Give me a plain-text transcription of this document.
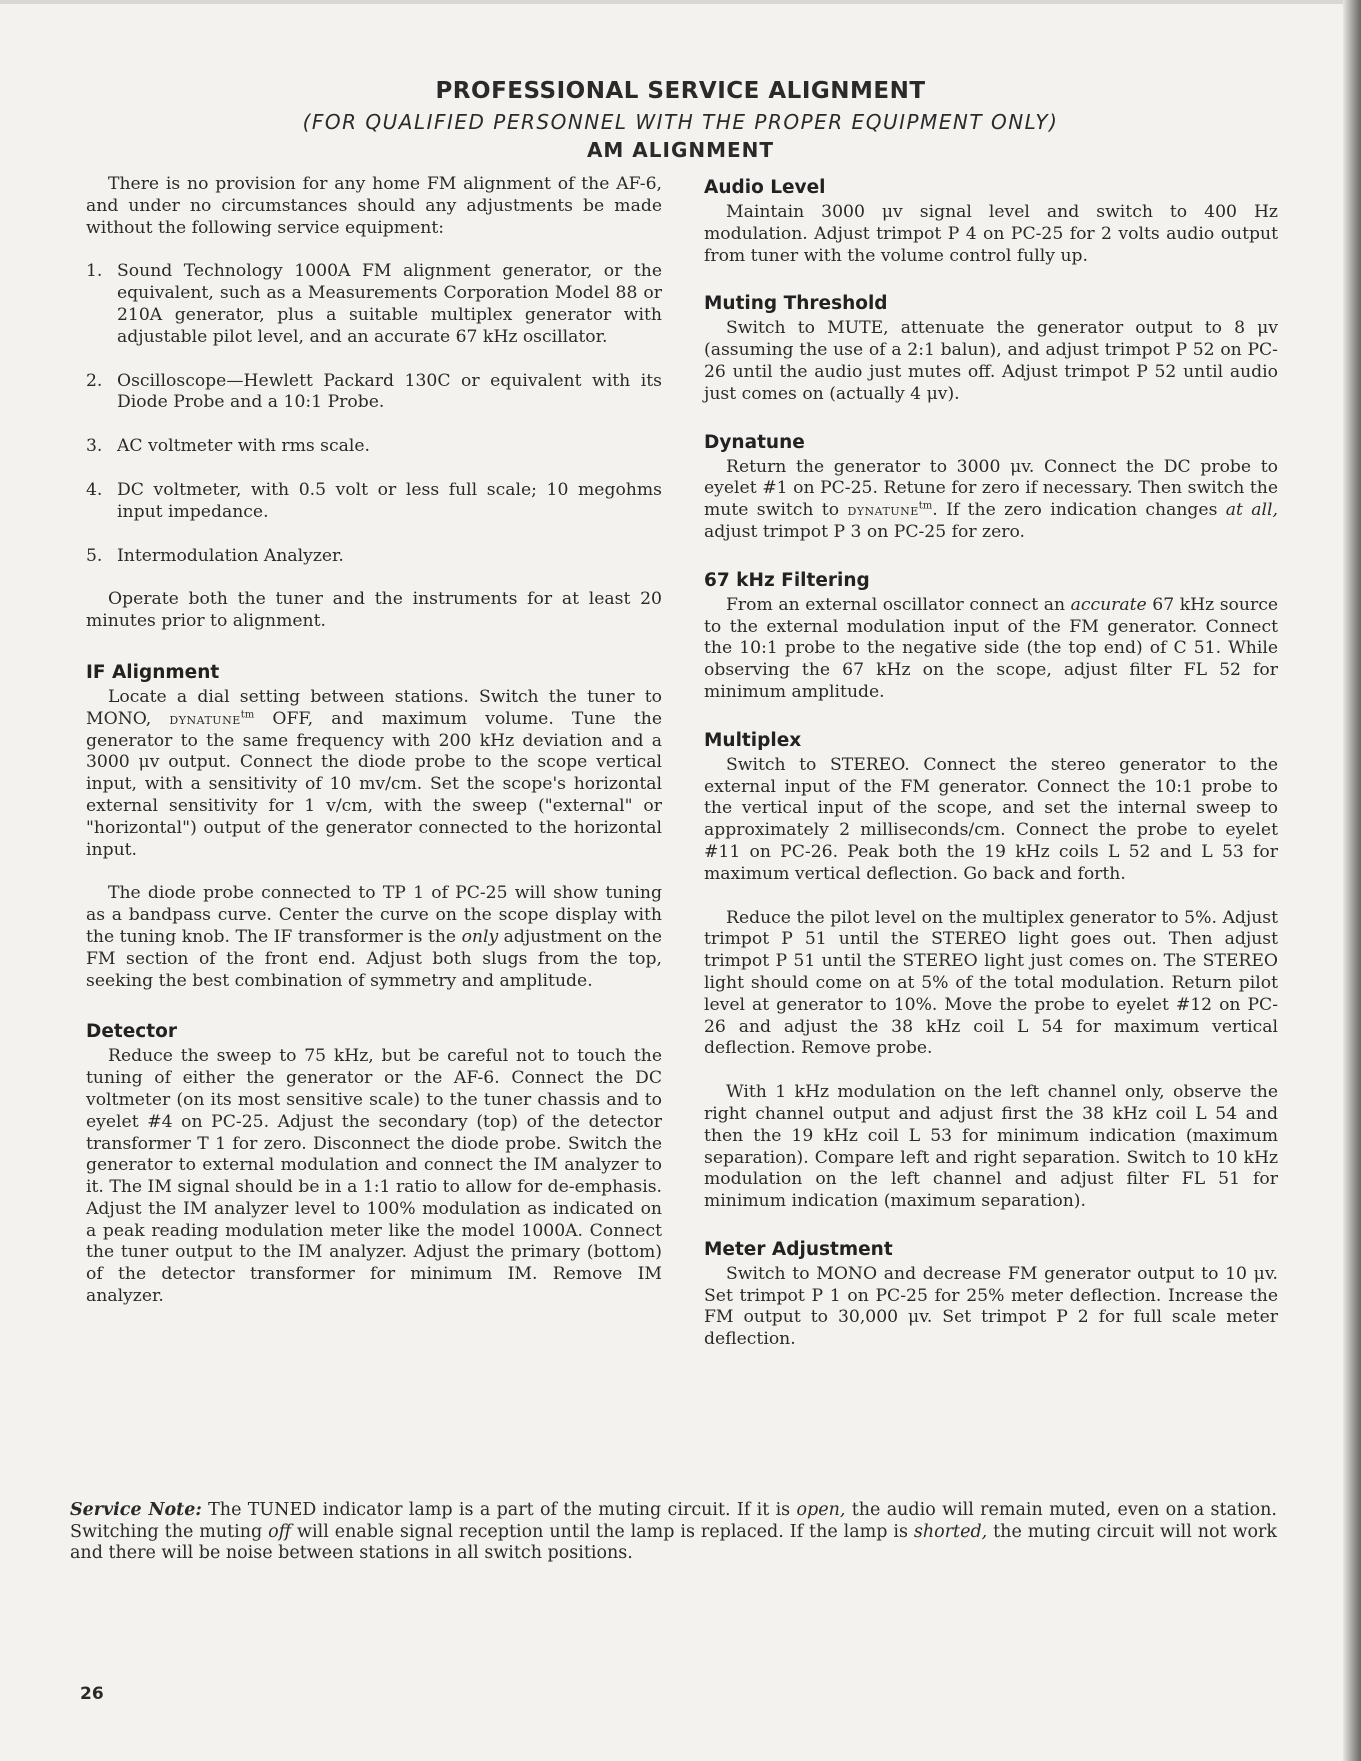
PROFESSIONAL SERVICE ALIGNMENT
(FOR QUALIFIED PERSONNEL WITH THE PROPER EQUIPMENT ONLY)
AM ALIGNMENT

There is no provision for any home FM alignment of the AF-6, and under no circumstances should any adjustments be made without the following service equipment:

1. Sound Technology 1000A FM alignment generator, or the equivalent, such as a Measurements Corporation Model 88 or 210A generator, plus a suitable multiplex generator with adjustable pilot level, and an accurate 67 kHz oscillator.
2. Oscilloscope—Hewlett Packard 130C or equivalent with its Diode Probe and a 10:1 Probe.
3. AC voltmeter with rms scale.
4. DC voltmeter, with 0.5 volt or less full scale; 10 megohms input impedance.
5. Intermodulation Analyzer.

Operate both the tuner and the instruments for at least 20 minutes prior to alignment.

IF Alignment

Locate a dial setting between stations. Switch the tuner to MONO, dynatune$^{tm}$ OFF, and maximum volume. Tune the generator to the same frequency with 200 kHz deviation and a 3000 μv output. Connect the diode probe to the scope vertical input, with a sensitivity of 10 mv/cm. Set the scope's horizontal external sensitivity for 1 v/cm, with the sweep ("external" or "horizontal") output of the generator connected to the horizontal input.

The diode probe connected to TP 1 of PC-25 will show tuning as a bandpass curve. Center the curve on the scope display with the tuning knob. The IF transformer is the only adjustment on the FM section of the front end. Adjust both slugs from the top, seeking the best combination of symmetry and amplitude.

Detector

Reduce the sweep to 75 kHz, but be careful not to touch the tuning of either the generator or the AF-6. Connect the DC voltmeter (on its most sensitive scale) to the tuner chassis and to eyelet #4 on PC-25. Adjust the secondary (top) of the detector transformer T 1 for zero. Disconnect the diode probe. Switch the generator to external modulation and connect the IM analyzer to it. The IM signal should be in a 1:1 ratio to allow for de-emphasis. Adjust the IM analyzer level to 100% modulation as indicated on a peak reading modulation meter like the model 1000A. Connect the tuner output to the IM analyzer. Adjust the primary (bottom) of the detector transformer for minimum IM. Remove IM analyzer.

Audio Level

Maintain 3000 μv signal level and switch to 400 Hz modulation. Adjust trimpot P 4 on PC-25 for 2 volts audio output from tuner with the volume control fully up.

Muting Threshold

Switch to MUTE, attenuate the generator output to 8 μv (assuming the use of a 2:1 balun), and adjust trimpot P 52 on PC-26 until the audio just mutes off. Adjust trimpot P 52 until audio just comes on (actually 4 μv).

Dynatune

Return the generator to 3000 μv. Connect the DC probe to eyelet #1 on PC-25. Retune for zero if necessary. Then switch the mute switch to dynatune$^{tm}$. If the zero indication changes at all, adjust trimpot P 3 on PC-25 for zero.

67 kHz Filtering

From an external oscillator connect an accurate 67 kHz source to the external modulation input of the FM generator. Connect the 10:1 probe to the negative side (the top end) of C 51. While observing the 67 kHz on the scope, adjust filter FL 52 for minimum amplitude.

Multiplex

Switch to STEREO. Connect the stereo generator to the external input of the FM generator. Connect the 10:1 probe to the vertical input of the scope, and set the internal sweep to approximately 2 milliseconds/cm. Connect the probe to eyelet #11 on PC-26. Peak both the 19 kHz coils L 52 and L 53 for maximum vertical deflection. Go back and forth.

Reduce the pilot level on the multiplex generator to 5%. Adjust trimpot P 51 until the STEREO light goes out. Then adjust trimpot P 51 until the STEREO light just comes on. The STEREO light should come on at 5% of the total modulation. Return pilot level at generator to 10%. Move the probe to eyelet #12 on PC-26 and adjust the 38 kHz coil L 54 for maximum vertical deflection. Remove probe.

With 1 kHz modulation on the left channel only, observe the right channel output and adjust first the 38 kHz coil L 54 and then the 19 kHz coil L 53 for minimum indication (maximum separation). Compare left and right separation. Switch to 10 kHz modulation on the left channel and adjust filter FL 51 for minimum indication (maximum separation).

Meter Adjustment

Switch to MONO and decrease FM generator output to 10 μv. Set trimpot P 1 on PC-25 for 25% meter deflection. Increase the FM output to 30,000 μv. Set trimpot P 2 for full scale meter deflection.

Service Note: The TUNED indicator lamp is a part of the muting circuit. If it is open, the audio will remain muted, even on a station. Switching the muting off will enable signal reception until the lamp is replaced. If the lamp is shorted, the muting circuit will not work and there will be noise between stations in all switch positions.
26
